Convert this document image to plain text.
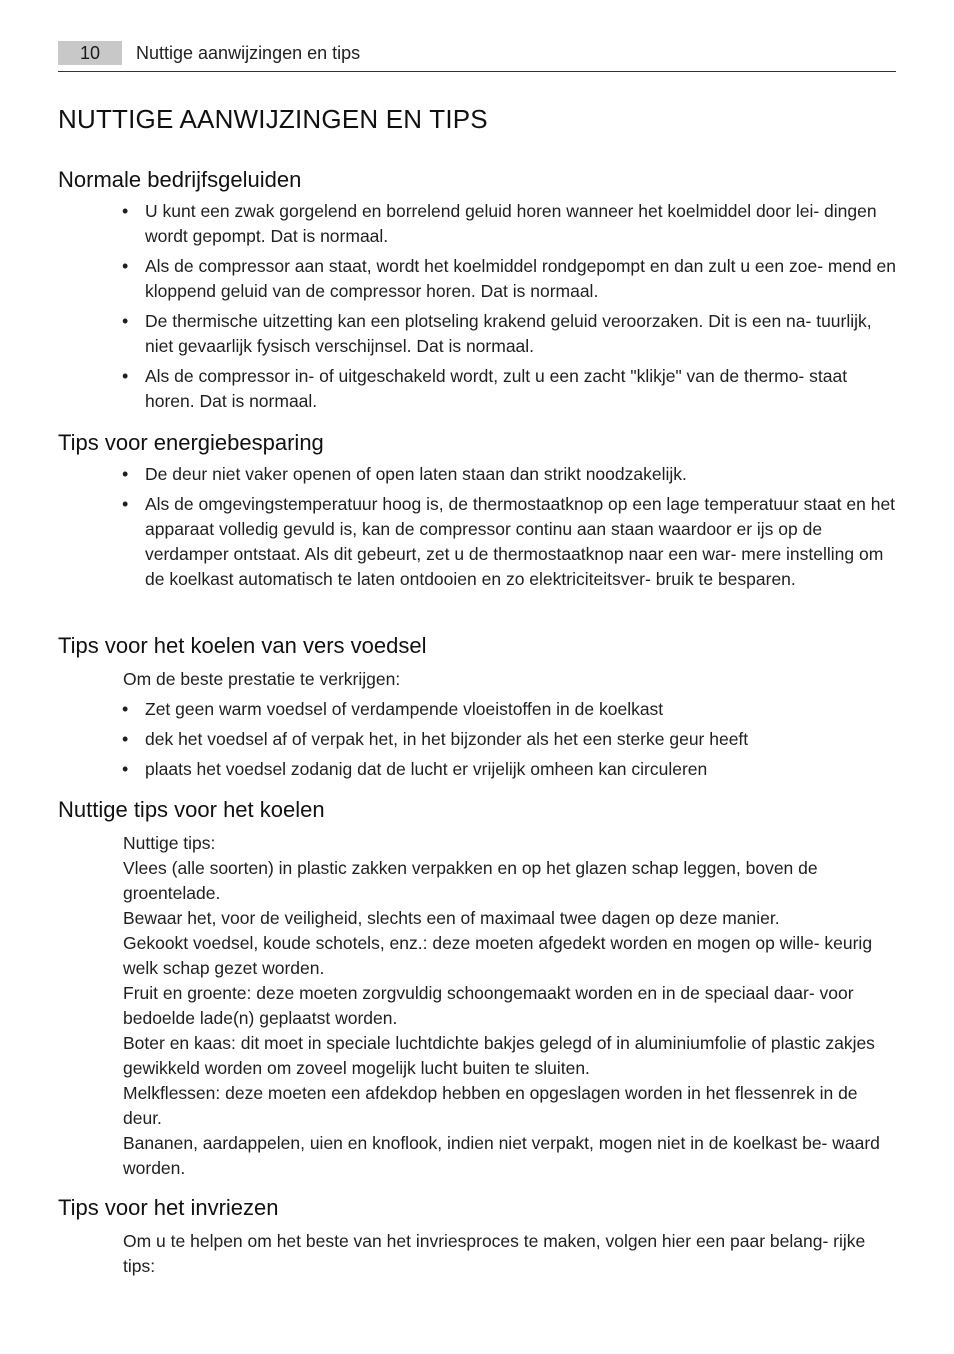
10	Nuttige aanwijzingen en tips
NUTTIGE AANWIJZINGEN EN TIPS
Normale bedrijfsgeluiden
• U kunt een zwak gorgelend en borrelend geluid horen wanneer het koelmiddel door lei- dingen wordt gepompt. Dat is normaal.
• Als de compressor aan staat, wordt het koelmiddel rondgepompt en dan zult u een zoe- mend en kloppend geluid van de compressor horen. Dat is normaal.
• De thermische uitzetting kan een plotseling krakend geluid veroorzaken. Dit is een na- tuurlijk, niet gevaarlijk fysisch verschijnsel. Dat is normaal.
• Als de compressor in- of uitgeschakeld wordt, zult u een zacht "klikje" van de thermo- staat horen. Dat is normaal.
Tips voor energiebesparing
• De deur niet vaker openen of open laten staan dan strikt noodzakelijk.
• Als de omgevingstemperatuur hoog is, de thermostaatknop op een lage temperatuur staat en het apparaat volledig gevuld is, kan de compressor continu aan staan waardoor er ijs op de verdamper ontstaat. Als dit gebeurt, zet u de thermostaatknop naar een war- mere instelling om de koelkast automatisch te laten ontdooien en zo elektriciteitsver- bruik te besparen.
Tips voor het koelen van vers voedsel
Om de beste prestatie te verkrijgen:
• Zet geen warm voedsel of verdampende vloeistoffen in de koelkast
• dek het voedsel af of verpak het, in het bijzonder als het een sterke geur heeft
• plaats het voedsel zodanig dat de lucht er vrijelijk omheen kan circuleren
Nuttige tips voor het koelen
Nuttige tips:
Vlees (alle soorten) in plastic zakken verpakken en op het glazen schap leggen, boven de groentelade.
Bewaar het, voor de veiligheid, slechts een of maximaal twee dagen op deze manier.
Gekookt voedsel, koude schotels, enz.: deze moeten afgedekt worden en mogen op wille- keurig welk schap gezet worden.
Fruit en groente: deze moeten zorgvuldig schoongemaakt worden en in de speciaal daar- voor bedoelde lade(n) geplaatst worden.
Boter en kaas: dit moet in speciale luchtdichte bakjes gelegd of in aluminiumfolie of plastic zakjes gewikkeld worden om zoveel mogelijk lucht buiten te sluiten.
Melkflessen: deze moeten een afdekdop hebben en opgeslagen worden in het flessenrek in de deur.
Bananen, aardappelen, uien en knoflook, indien niet verpakt, mogen niet in de koelkast be- waard worden.
Tips voor het invriezen
Om u te helpen om het beste van het invriesproces te maken, volgen hier een paar belang- rijke tips:
